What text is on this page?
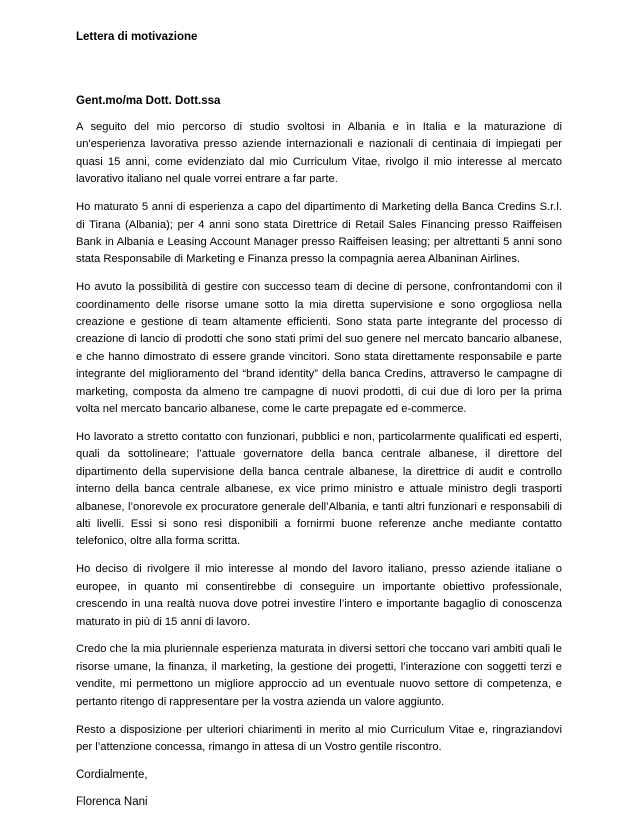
Lettera di motivazione

Gent.mo/ma Dott. Dott.ssa

A seguito del mio percorso di studio svoltosi in Albania e in Italia e la maturazione di un'esperienza lavorativa presso aziende internazionali e nazionali di centinaia di impiegati per quasi 15 anni, come evidenziato dal mio Curriculum Vitae, rivolgo il mio interesse al mercato lavorativo italiano nel quale vorrei entrare a far parte.

Ho maturato 5 anni di esperienza a capo del dipartimento di Marketing della Banca Credins S.r.l. di Tirana (Albania); per 4 anni sono stata Direttrice di Retail Sales Financing presso Raiffeisen Bank in Albania e Leasing Account Manager presso Raiffeisen leasing; per altrettanti 5 anni sono stata Responsabile di Marketing e Finanza presso la compagnia aerea Albaninan Airlines.

Ho avuto la possibilità di gestire con successo team di decine di persone, confrontandomi con il coordinamento delle risorse umane sotto la mia diretta supervisione e sono orgogliosa nella creazione e gestione di team altamente efficienti. Sono stata parte integrante del processo di creazione di lancio di prodotti che sono stati primi del suo genere nel mercato bancario albanese, e che hanno dimostrato di essere grande vincitori. Sono stata direttamente responsabile e parte integrante del miglioramento del “brand identity” della banca Credins, attraverso le campagne di marketing, composta da almeno tre campagne di nuovi prodotti, di cui due di loro per la prima volta nel mercato bancario albanese, come le carte prepagate ed e-commerce.

Ho lavorato a stretto contatto con funzionari, pubblici e non, particolarmente qualificati ed esperti, quali da sottolineare; l’attuale governatore della banca centrale albanese, il direttore del dipartimento della supervisione della banca centrale albanese, la direttrice di audit e controllo interno della banca centrale albanese, ex vice primo ministro e attuale ministro degli trasporti albanese, l’onorevole ex procuratore generale dell’Albania, e tanti altri funzionari e responsabili di alti livelli. Essi si sono resi disponibili a fornirmi buone referenze anche mediante contatto telefonico, oltre alla forma scritta.

Ho deciso di rivolgere il mio interesse al mondo del lavoro italiano, presso aziende italiane o europee, in quanto mi consentirebbe di conseguire un importante obiettivo professionale, crescendo in una realtà nuova dove potrei investire l’intero e importante bagaglio di conoscenza maturato in più di 15 anni di lavoro.

Credo che la mia pluriennale esperienza maturata in diversi settori che toccano vari ambiti quali le risorse umane, la finanza, il marketing, la gestione dei progetti, l’interazione con soggetti terzi e vendite, mi permettono un migliore approccio ad un eventuale nuovo settore di competenza, e pertanto ritengo di rappresentare per la vostra azienda un valore aggiunto.

Resto a disposizione per ulteriori chiarimenti in merito al mio Curriculum Vitae e, ringraziandovi per l’attenzione concessa, rimango in attesa di un Vostro gentile riscontro.

Cordialmente,

Florenca Nani
